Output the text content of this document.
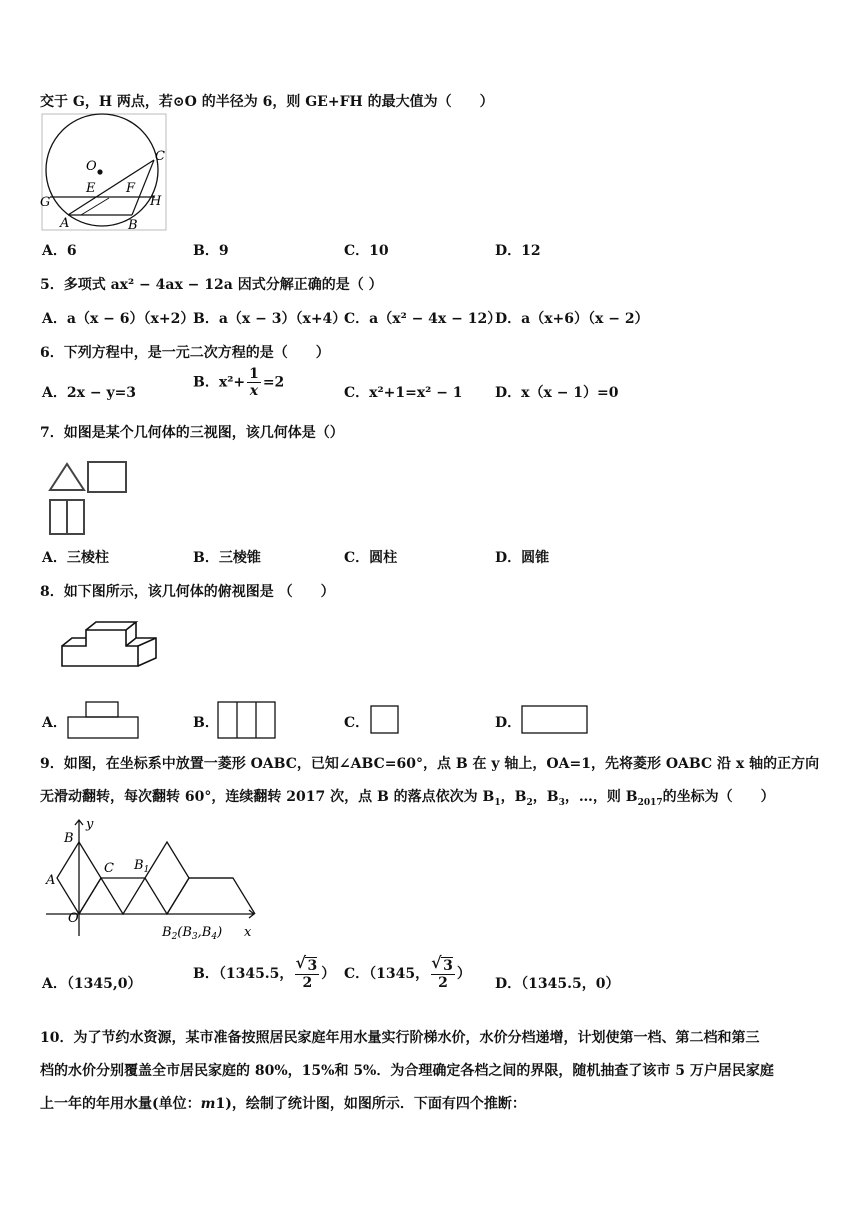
交于 G，H 两点，若⊙O 的半径为 6，则 GE+FH 的最大值为（　　）
O
C
E F
G	H
A	B
A．6	B．9	C．10	D．12
5．多项式 ax² − 4ax − 12a 因式分解正确的是（ ）
A．a（x − 6）（x+2）
B．a（x − 3）（x+4）
C．a（x² − 4x − 12）
D．a（x+6）（x − 2）
6．下列方程中，是一元二次方程的是（　　）
A．2x − y=3
B．$x^2+ \frac{1}{x} =2$
C．x²+1=x² − 1 D．x（x − 1）=0
7．如图是某个几何体的三视图，该几何体是（）
A．三棱柱	B．三棱锥	C．圆柱	D．圆锥
8．如下图所示，该几何体的俯视图是 （　　）
A．	B．	C．	D．
9．如图，在坐标系中放置一菱形 OABC，已知∠ABC=60°，点 B 在 y 轴上，OA=1，先将菱形 OABC 沿 x 轴的正方向
无滑动翻转，每次翻转 60°，连续翻转 2017 次，点 B 的落点依次为 $B_1$，$B_2$，$B_3$，…，则 $B_{2017}$的坐标为（　　）
O
A
B
y
C $B_1$
$B_2(B_3,B_4)$ x
A．（1345,0）
B．（1345.5， √ $\frac{3}{2}$ ） C．（1345， √ $\frac{3}{2}$ ）
D．（1345.5，0）
10．为了节约水资源，某市准备按照居民家庭年用水量实行阶梯水价，水价分档递增，计划使第一档、第二档和第三
档的水价分别覆盖全市居民家庭的 80%，15%和 5%．为合理确定各档之间的界限，随机抽查了该市 5 万户居民家庭
上一年的年用水量(单位：m1)，绘制了统计图，如图所示．下面有四个推断：
